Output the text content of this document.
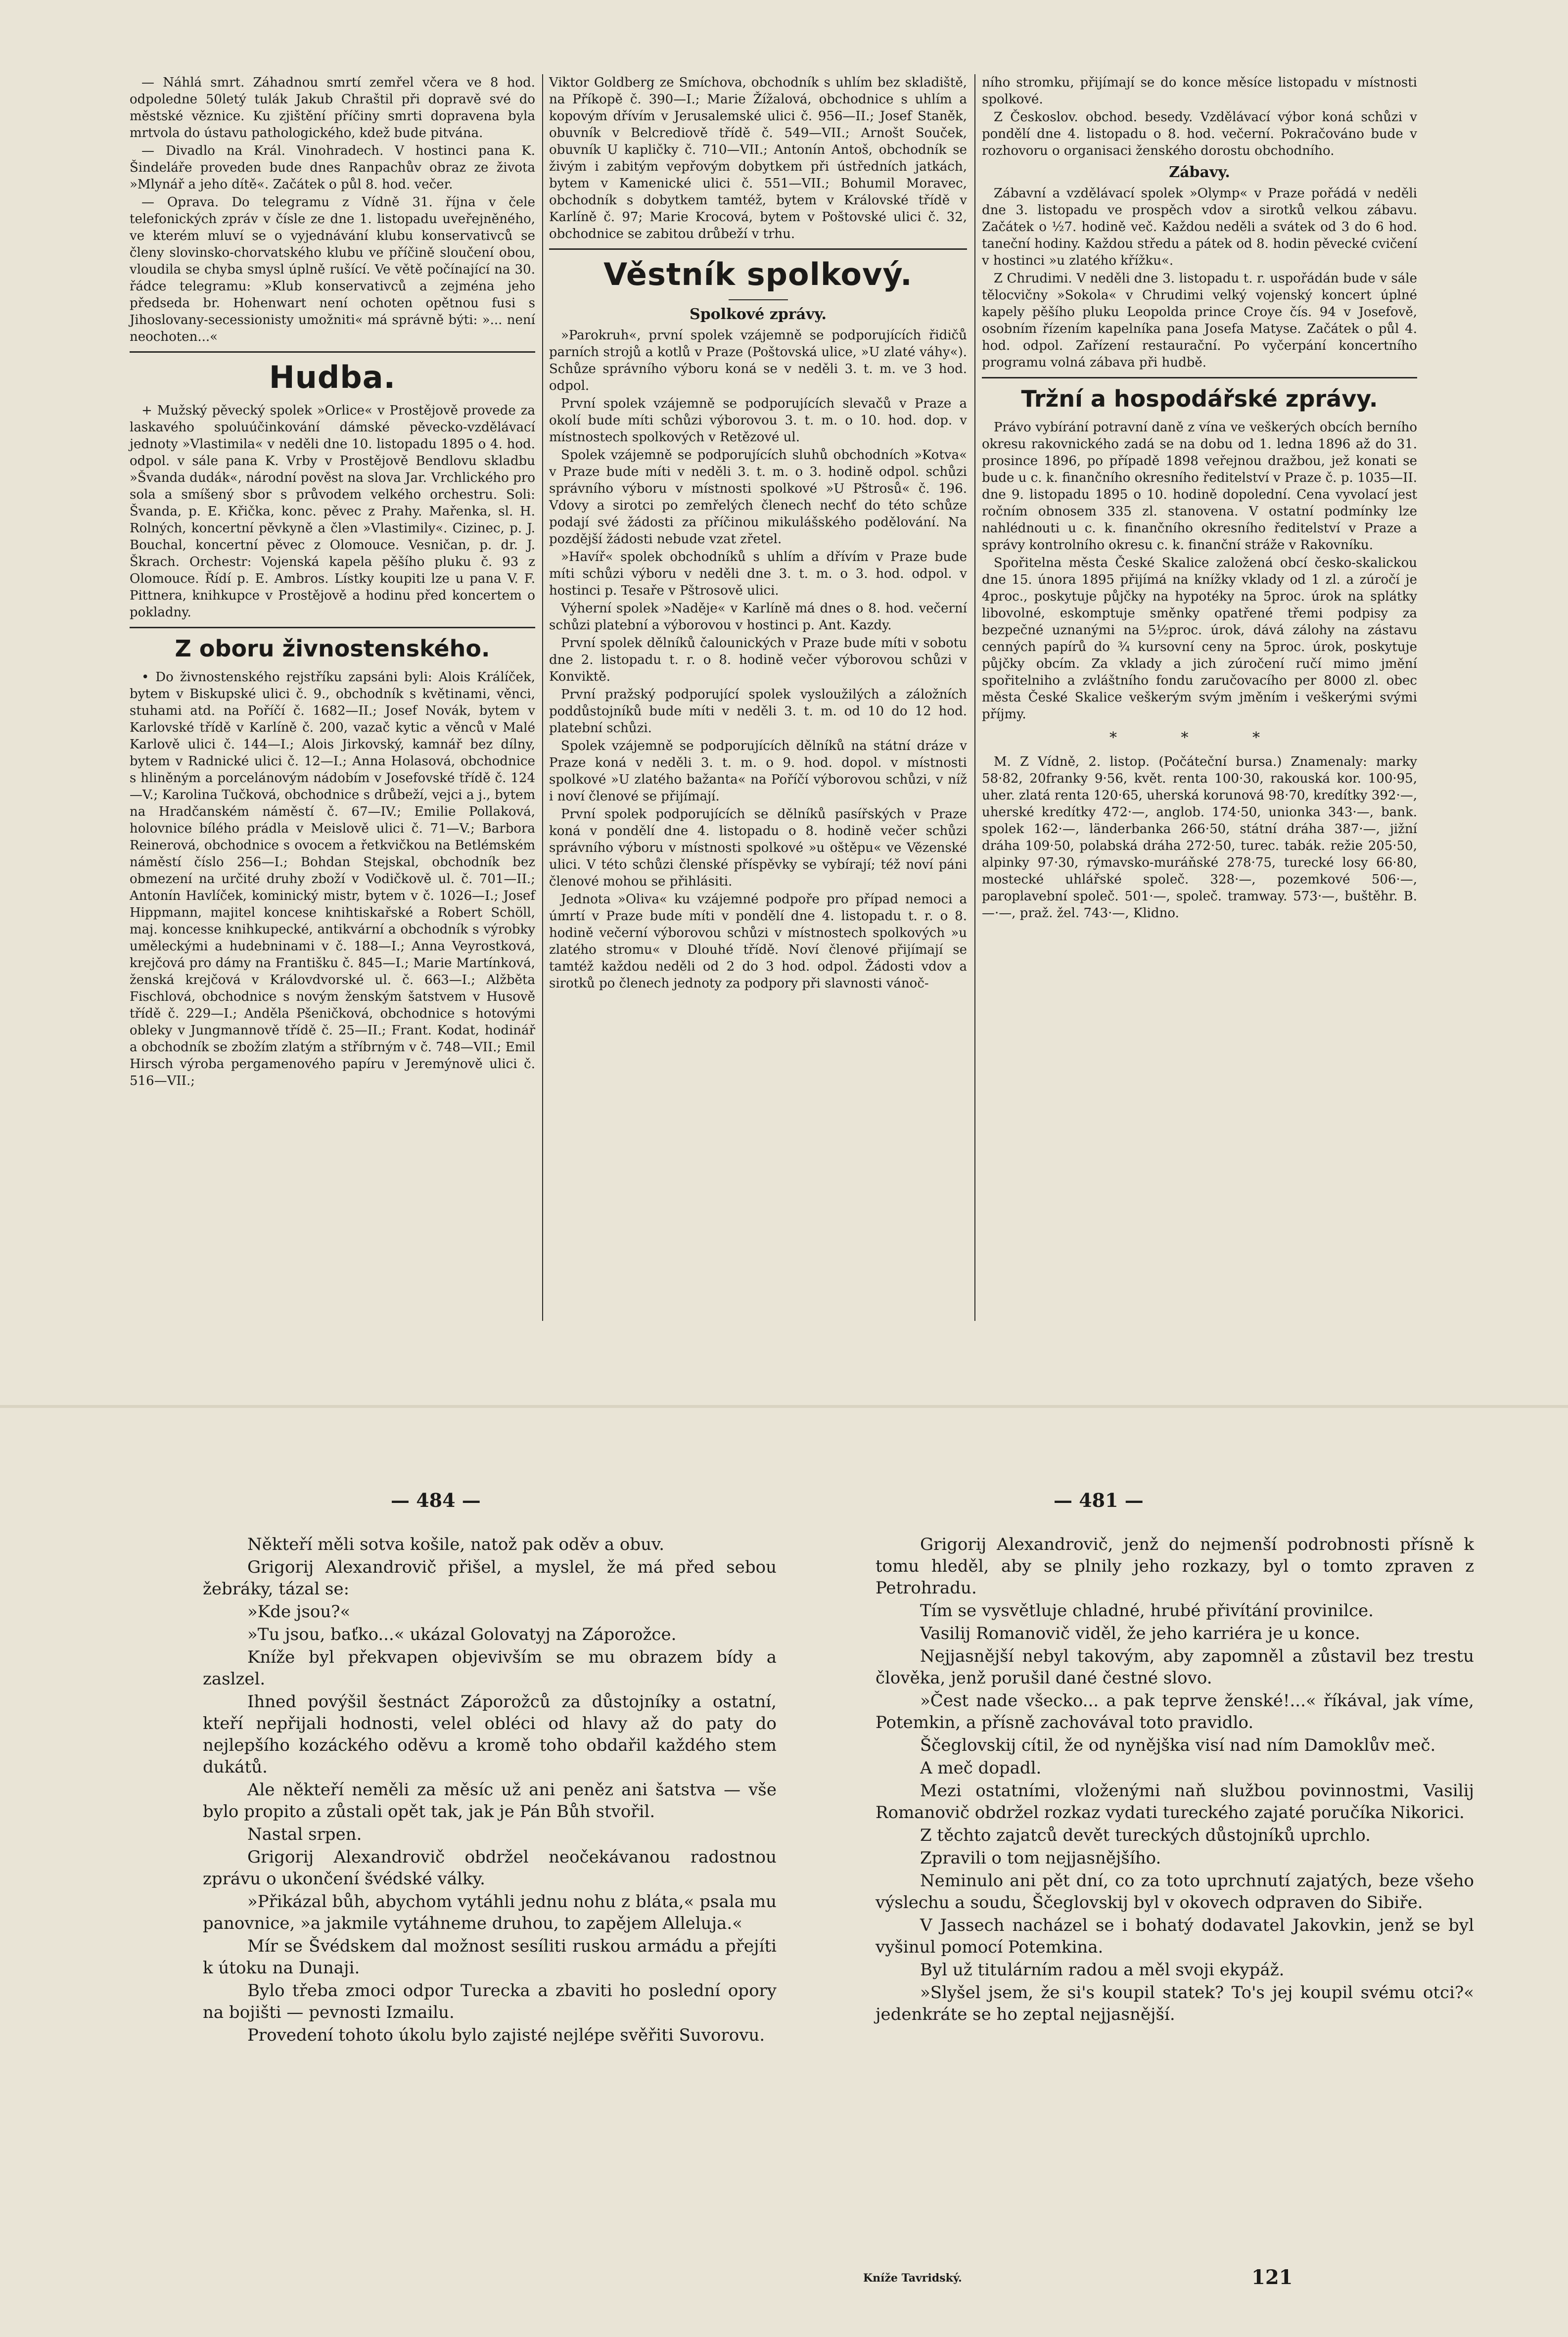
— Náhlá smrt. Záhadnou smrtí zemřel včera ve 8 hod. odpoledne 50letý tulák Jakub Chraštil při dopravě své do městské věznice. Ku zjištění příčiny smrti dopravena byla mrtvola do ústavu pathologického, kdež bude pitvána.

— Divadlo na Král. Vinohradech. V hostinci pana K. Šindeláře proveden bude dnes Ranpachův obraz ze života »Mlynář a jeho dítě«. Začátek o půl 8. hod. večer.

— Oprava. Do telegramu z Vídně 31. října v čele telefonických zpráv v čísle ze dne 1. listopadu uveřejněného, ve kterém mluví se o vyjednávání klubu konservativců se členy slovinsko-chorvatského klubu ve příčině sloučení obou, vloudila se chyba smysl úplně rušící. Ve větě počínající na 30. řádce telegramu: »Klub konservativců a zejména jeho předseda br. Hohenwart není ochoten opětnou fusi s Jihoslovany-secessionisty umožniti« má správně býti: »... není neochoten...«

Hudba.

+ Mužský pěvecký spolek »Orlice« v Prostějově provede za laskavého spoluúčinkování dámské pěvecko-vzdělávací jednoty »Vlastimila« v neděli dne 10. listopadu 1895 o 4. hod. odpol. v sále pana K. Vrby v Prostějově Bendlovu skladbu »Švanda dudák«, národní pověst na slova Jar. Vrchlického pro sola a smíšený sbor s průvodem velkého orchestru. Soli: Švanda, p. E. Křička, konc. pěvec z Prahy. Mařenka, sl. H. Rolných, koncertní pěvkyně a člen »Vlastimily«. Cizinec, p. J. Bouchal, koncertní pěvec z Olomouce. Vesničan, p. dr. J. Škrach. Orchestr: Vojenská kapela pěšího pluku č. 93 z Olomouce. Řídí p. E. Ambros. Lístky koupiti lze u pana V. F. Pittnera, knihkupce v Prostějově a hodinu před koncertem o pokladny.

Z oboru živnostenského.

• Do živnostenského rejstříku zapsáni byli: Alois Králíček, bytem v Biskupské ulici č. 9., obchodník s květinami, věnci, stuhami atd. na Poříčí č. 1682—II.; Josef Novák, bytem v Karlovské třídě v Karlíně č. 200, vazač kytic a věnců v Malé Karlově ulici č. 144—I.; Alois Jirkovský, kamnář bez dílny, bytem v Radnické ulici č. 12—I.; Anna Holasová, obchodnice s hliněným a porcelánovým nádobím v Josefovské třídě č. 124—V.; Karolina Tučková, obchodnice s drůbeží, vejci a j., bytem na Hradčanském náměstí č. 67—IV.; Emilie Pollaková, holovnice bílého prádla v Meislově ulici č. 71—V.; Barbora Reinerová, obchodnice s ovocem a řetkvičkou na Betlémském náměstí číslo 256—I.; Bohdan Stejskal, obchodník bez obmezení na určité druhy zboží v Vodičkově ul. č. 701—II.; Antonín Havlíček, kominický mistr, bytem v č. 1026—I.; Josef Hippmann, majitel koncese knihtiskařské a Robert Schöll, maj. koncesse knihkupecké, antikvární a obchodník s výrobky uměleckými a hudebninami v č. 188—I.; Anna Veyrostková, krejčová pro dámy na Františku č. 845—I.; Marie Martínková, ženská krejčová v Královdvorské ul. č. 663—I.; Alžběta Fischlová, obchodnice s novým ženským šatstvem v Husově třídě č. 229—I.; Anděla Pšeničková, obchodnice s hotovými obleky v Jungmannově třídě č. 25—II.; Frant. Kodat, hodinář a obchodník se zbožím zlatým a stříbrným v č. 748—VII.; Emil Hirsch výroba pergamenového papíru v Jeremýnově ulici č. 516—VII.;

Viktor Goldberg ze Smíchova, obchodník s uhlím bez skladiště, na Příkopě č. 390—I.; Marie Žížalová, obchodnice s uhlím a kopovým dřívím v Jerusalemské ulici č. 956—II.; Josef Staněk, obuvník v Belcrediově třídě č. 549—VII.; Arnošt Souček, obuvník U kapličky č. 710—VII.; Antonín Antoš, obchodník se živým i zabitým vepřovým dobytkem při ústředních jatkách, bytem v Kamenické ulici č. 551—VII.; Bohumil Moravec, obchodník s dobytkem tamtéž, bytem v Královské třídě v Karlíně č. 97; Marie Krocová, bytem v Poštovské ulici č. 32, obchodnice se zabitou drůbeží v trhu.

Věstník spolkový.
Spolkové zprávy.

»Parokruh«, první spolek vzájemně se podporujících řidičů parních strojů a kotlů v Praze (Poštovská ulice, »U zlaté váhy«). Schůze správního výboru koná se v neděli 3. t. m. ve 3 hod. odpol.

První spolek vzájemně se podporujících slevačů v Praze a okolí bude míti schůzi výborovou 3. t. m. o 10. hod. dop. v místnostech spolkových v Retězové ul.

Spolek vzájemně se podporujících sluhů obchodních »Kotva« v Praze bude míti v neděli 3. t. m. o 3. hodině odpol. schůzi správního výboru v místnosti spolkové »U Pštrosů« č. 196. Vdovy a sirotci po zemřelých členech nechť do této schůze podají své žádosti za příčinou mikulášského podělování. Na pozdější žádosti nebude vzat zřetel.

»Havíř« spolek obchodníků s uhlím a dřívím v Praze bude míti schůzi výboru v neděli dne 3. t. m. o 3. hod. odpol. v hostinci p. Tesaře v Pštrosově ulici.

Výherní spolek »Naděje« v Karlíně má dnes o 8. hod. večerní schůzi platební a výborovou v hostinci p. Ant. Kazdy.

První spolek dělníků čalounických v Praze bude míti v sobotu dne 2. listopadu t. r. o 8. hodině večer výborovou schůzi v Konviktě.

První pražský podporující spolek vysloužilých a záložních poddůstojníků bude míti v neděli 3. t. m. od 10 do 12 hod. platební schůzi.

Spolek vzájemně se podporujících dělníků na státní dráze v Praze koná v neděli 3. t. m. o 9. hod. dopol. v místnosti spolkové »U zlatého bažanta« na Poříčí výborovou schůzi, v níž i noví členové se přijímají.

První spolek podporujících se dělníků pasířských v Praze koná v pondělí dne 4. listopadu o 8. hodině večer schůzi správního výboru v místnosti spolkové »u oštěpu« ve Vězenské ulici. V této schůzi členské příspěvky se vybírají; též noví páni členové mohou se přihlásiti.

Jednota »Oliva« ku vzájemné podpoře pro případ nemoci a úmrtí v Praze bude míti v pondělí dne 4. listopadu t. r. o 8. hodině večerní výborovou schůzi v místnostech spolkových »u zlatého stromu« v Dlouhé třídě. Noví členové přijímají se tamtéž každou neděli od 2 do 3 hod. odpol. Žádosti vdov a sirotků po členech jednoty za podpory při slavnosti vánoč-

ního stromku, přijímají se do konce měsíce listopadu v místnosti spolkové.

Z Českoslov. obchod. besedy. Vzdělávací výbor koná schůzi v pondělí dne 4. listopadu o 8. hod. večerní. Pokračováno bude v rozhovoru o organisaci ženského dorostu obchodního.

Zábavy.

Zábavní a vzdělávací spolek »Olymp« v Praze pořádá v neděli dne 3. listopadu ve prospěch vdov a sirotků velkou zábavu. Začátek o ½7. hodině več. Každou neděli a svátek od 3 do 6 hod. taneční hodiny. Každou středu a pátek od 8. hodin pěvecké cvičení v hostinci »u zlatého křížku«.

Z Chrudimi. V neděli dne 3. listopadu t. r. uspořádán bude v sále tělocvičny »Sokola« v Chrudimi velký vojenský koncert úplné kapely pěšího pluku Leopolda prince Croye čís. 94 v Josefově, osobním řízením kapelníka pana Josefa Matyse. Začátek o půl 4. hod. odpol. Zařízení restaurační. Po vyčerpání koncertního programu volná zábava při hudbě.

Tržní a hospodářské zprávy.

Právo vybírání potravní daně z vína ve veškerých obcích berního okresu rakovnického zadá se na dobu od 1. ledna 1896 až do 31. prosince 1896, po případě 1898 veřejnou dražbou, jež konati se bude u c. k. finančního okresního ředitelství v Praze č. p. 1035—II. dne 9. listopadu 1895 o 10. hodině dopolední. Cena vyvolací jest ročním obnosem 335 zl. stanovena. V ostatní podmínky lze nahlédnouti u c. k. finančního okresního ředitelství v Praze a správy kontrolního okresu c. k. finanční stráže v Rakovníku.

Spořitelna města České Skalice založená obcí česko-skalickou dne 15. února 1895 přijímá na knížky vklady od 1 zl. a zúročí je 4proc., poskytuje půjčky na hypotéky na 5proc. úrok na splátky libovolné, eskomptuje směnky opatřené třemi podpisy za bezpečné uznanými na 5½proc. úrok, dává zálohy na zástavu cenných papírů do ¾ kursovní ceny na 5proc. úrok, poskytuje půjčky obcím. Za vklady a jich zúročení ručí mimo jmění spořitelniho a zvláštního fondu zaručovacího per 8000 zl. obec města České Skalice veškerým svým jměním i veškerými svými příjmy.

* * *

M. Z Vídně, 2. listop. (Počáteční bursa.) Znamenaly: marky 58·82, 20franky 9·56, květ. renta 100·30, rakouská kor. 100·95, uher. zlatá renta 120·65, uherská korunová 98·70, kredítky 392·—, uherské kredítky 472·—, anglob. 174·50, unionka 343·—, bank. spolek 162·—, länderbanka 266·50, státní dráha 387·—, jižní dráha 109·50, polabská dráha 272·50, turec. tabák. režie 205·50, alpinky 97·30, rýmavsko-muráňské 278·75, turecké losy 66·80, mostecké uhlářské společ. 328·—, pozemkové 506·—, paroplavební společ. 501·—, společ. tramway. 573·—, buštěhr. B. —·—, praž. žel. 743·—, Klidno.

— 484 —	— 481 —

Někteří měli sotva košile, natož pak oděv a obuv.

Grigorij Alexandrovič přišel, a myslel, že má před sebou žebráky, tázal se:

»Kde jsou?«

»Tu jsou, baťko...« ukázal Golovatyj na Záporožce.

Kníže byl překvapen objevivším se mu obrazem bídy a zaslzel.

Ihned povýšil šestnáct Záporožců za důstojníky a ostatní, kteří nepřijali hodnosti, velel obléci od hlavy až do paty do nejlepšího kozáckého oděvu a kromě toho obdařil každého stem dukátů.

Ale někteří neměli za měsíc už ani peněz ani šatstva — vše bylo propito a zůstali opět tak, jak je Pán Bůh stvořil.

Nastal srpen.

Grigorij Alexandrovič obdržel neočekávanou radostnou zprávu o ukončení švédské války.

»Přikázal bůh, abychom vytáhli jednu nohu z bláta,« psala mu panovnice, »a jakmile vytáhneme druhou, to zapějem Alleluja.«

Mír se Švédskem dal možnost sesíliti ruskou armádu a přejíti k útoku na Dunaji.

Bylo třeba zmoci odpor Turecka a zbaviti ho poslední opory na bojišti — pevnosti Izmailu.

Provedení tohoto úkolu bylo zajisté nejlépe svěřiti Suvorovu.

Grigorij Alexandrovič, jenž do nejmenší podrobnosti přísně k tomu hleděl, aby se plnily jeho rozkazy, byl o tomto zpraven z Petrohradu.

Tím se vysvětluje chladné, hrubé přivítání provinilce.

Vasilij Romanovič viděl, že jeho karriéra je u konce.

Nejjasnější nebyl takovým, aby zapomněl a zůstavil bez trestu člověka, jenž porušil dané čestné slovo.

»Čest nade všecko... a pak teprve ženské!...« říkával, jak víme, Potemkin, a přísně zachovával toto pravidlo.

Ščeglovskij cítil, že od nynějška visí nad ním Damoklův meč.

A meč dopadl.

Mezi ostatními, vloženými naň službou povinnostmi, Vasilij Romanovič obdržel rozkaz vydati tureckého zajaté poručíka Nikorici.

Z těchto zajatců devět tureckých důstojníků uprchlo.

Zpravili o tom nejjasnějšího.

Neminulo ani pět dní, co za toto uprchnutí zajatých, beze všeho výslechu a soudu, Ščeglovskij byl v okovech odpraven do Sibiře.

V Jassech nacházel se i bohatý dodavatel Jakovkin, jenž se byl vyšinul pomocí Potemkina.

Byl už titulárním radou a měl svoji ekypáž.

»Slyšel jsem, že si's koupil statek? To's jej koupil svému otci?« jedenkráte se ho zeptal nejjasnější.

Kníže Tavridský.	121
